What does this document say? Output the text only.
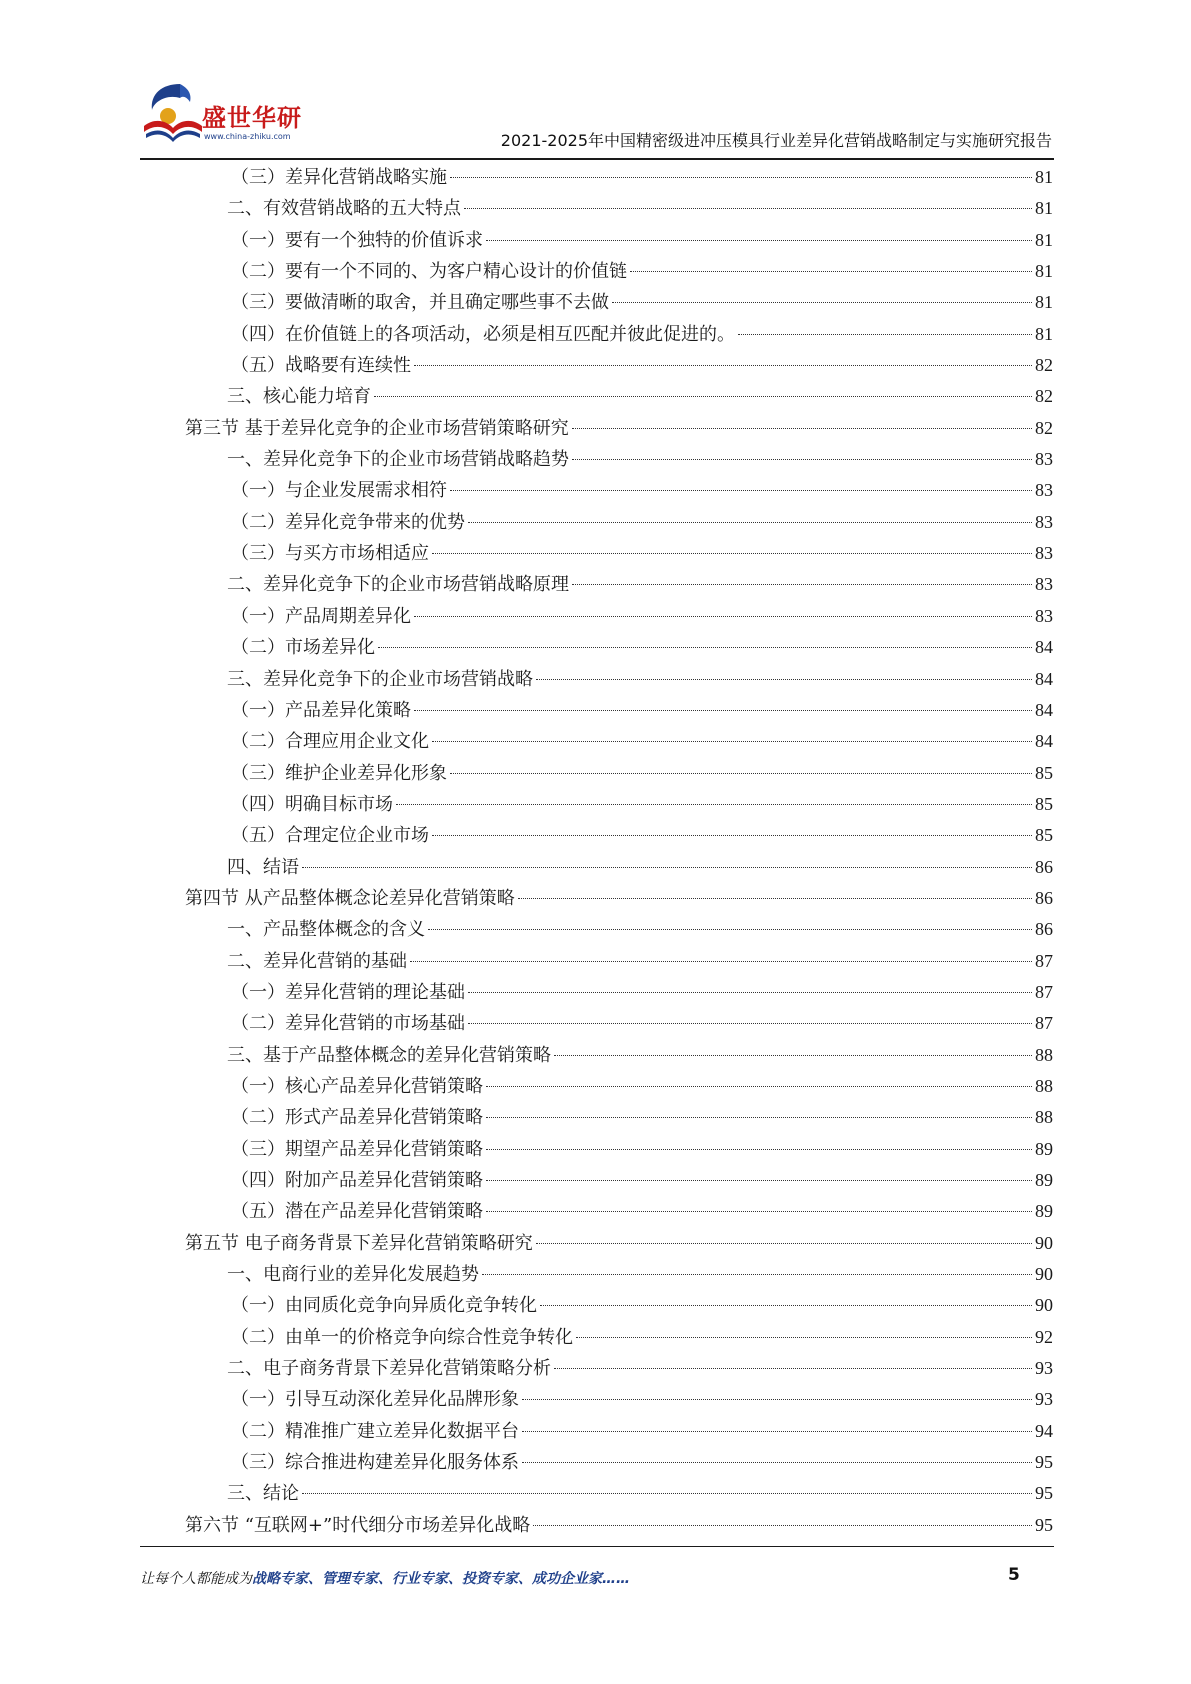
盛世华研
www.china-zhiku.com	2021-2025年中国精密级进冲压模具行业差异化营销战略制定与实施研究报告
（三）差异化营销战略实施	81
二、有效营销战略的五大特点	81
（一）要有一个独特的价值诉求	81
（二）要有一个不同的、为客户精心设计的价值链	81
（三）要做清晰的取舍，并且确定哪些事不去做	81
（四）在价值链上的各项活动，必须是相互匹配并彼此促进的。	81
（五）战略要有连续性	82
三、核心能力培育	82
第三节 基于差异化竞争的企业市场营销策略研究	82
一、差异化竞争下的企业市场营销战略趋势	83
（一）与企业发展需求相符	83
（二）差异化竞争带来的优势	83
（三）与买方市场相适应	83
二、差异化竞争下的企业市场营销战略原理	83
（一）产品周期差异化	83
（二）市场差异化	84
三、差异化竞争下的企业市场营销战略	84
（一）产品差异化策略	84
（二）合理应用企业文化	84
（三）维护企业差异化形象	85
（四）明确目标市场	85
（五）合理定位企业市场	85
四、结语	86
第四节 从产品整体概念论差异化营销策略	86
一、产品整体概念的含义	86
二、差异化营销的基础	87
（一）差异化营销的理论基础	87
（二）差异化营销的市场基础	87
三、基于产品整体概念的差异化营销策略	88
（一）核心产品差异化营销策略	88
（二）形式产品差异化营销策略	88
（三）期望产品差异化营销策略	89
（四）附加产品差异化营销策略	89
（五）潜在产品差异化营销策略	89
第五节 电子商务背景下差异化营销策略研究	90
一、电商行业的差异化发展趋势	90
（一）由同质化竞争向异质化竞争转化	90
（二）由单一的价格竞争向综合性竞争转化	92
二、电子商务背景下差异化营销策略分析	93
（一）引导互动深化差异化品牌形象	93
（二）精准推广建立差异化数据平台	94
（三）综合推进构建差异化服务体系	95
三、结论	95
第六节 “互联网+”时代细分市场差异化战略	95
让每个人都能成为战略专家、管理专家、行业专家、投资专家、成功企业家……	5
